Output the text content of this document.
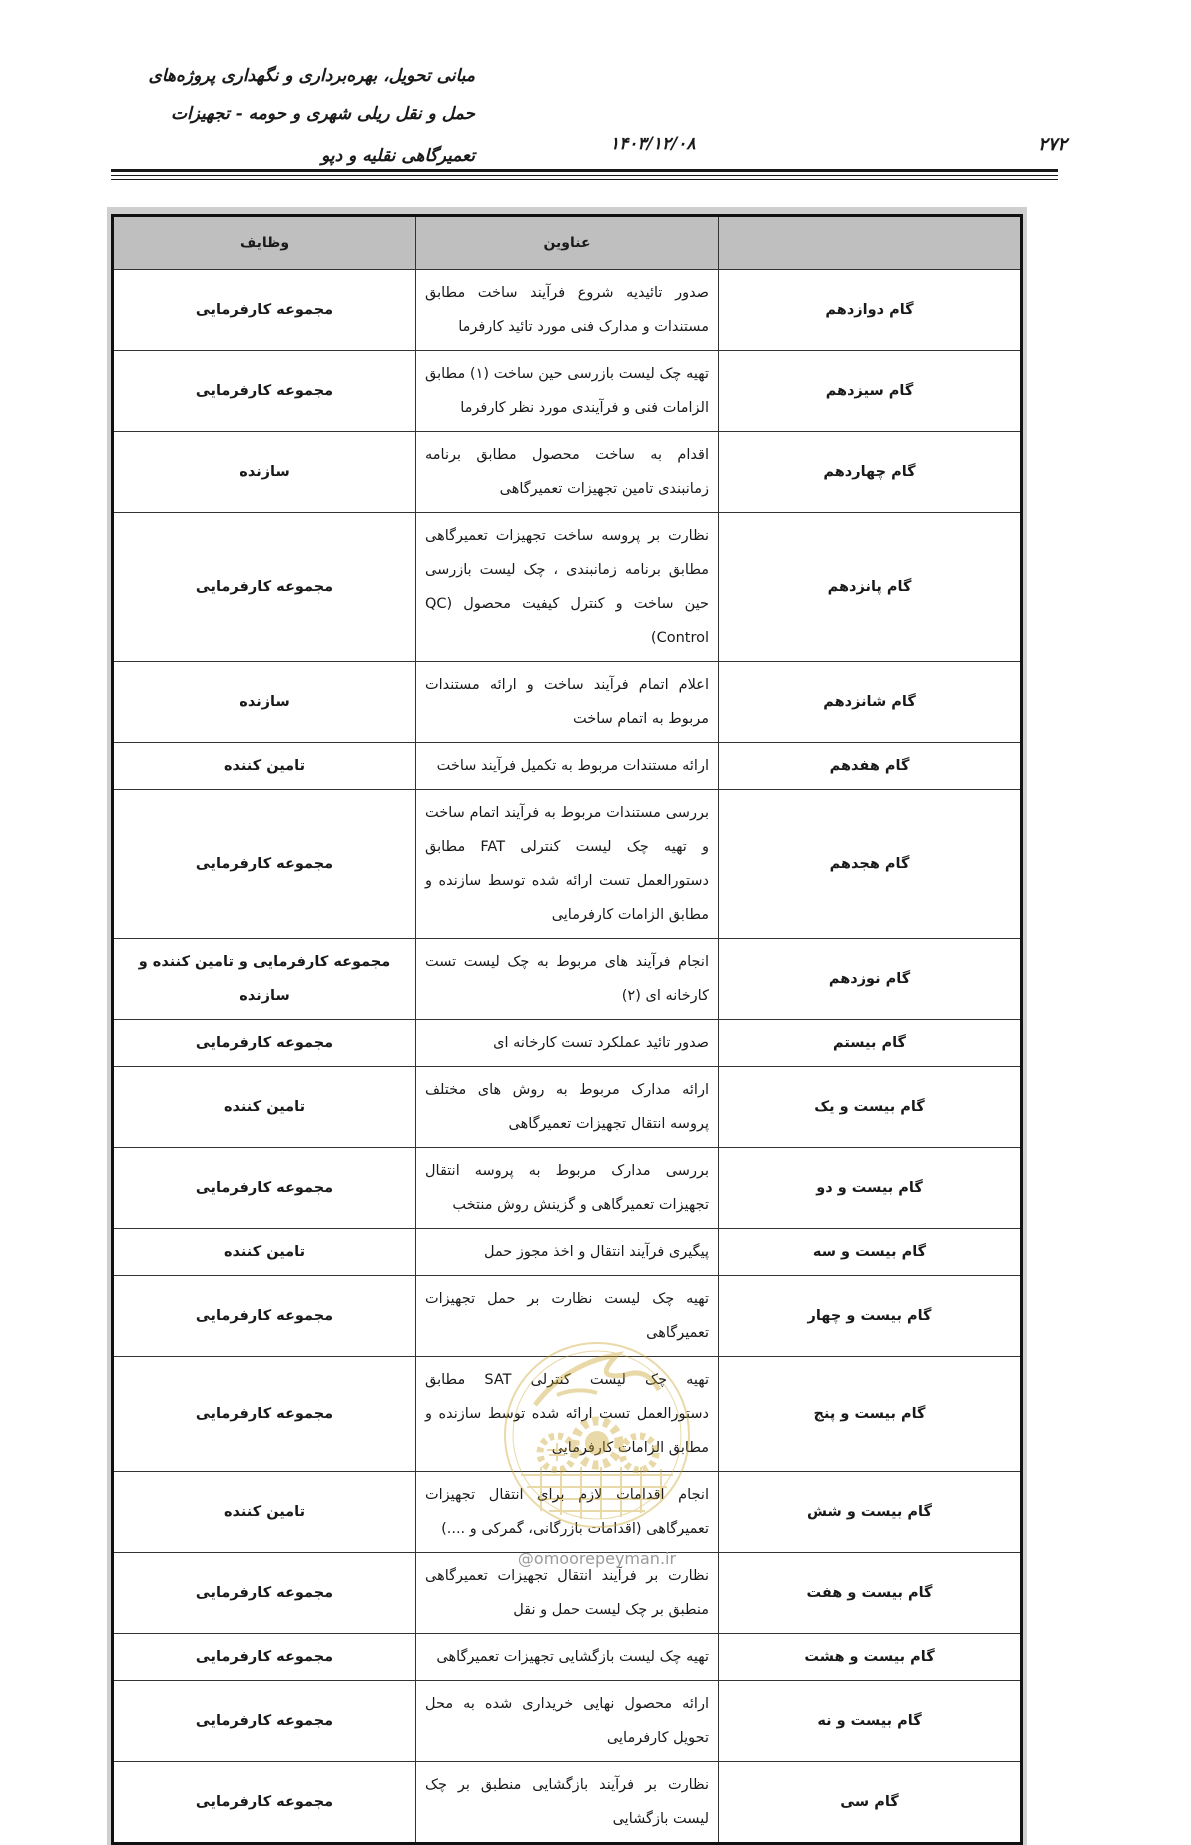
مبانی تحویل، بهره‌برداری و نگهداری پروژه‌های
حمل و نقل ریلی شهری و حومه - تجهیزات
تعمیرگاهی نقلیه و دپو
۱۴۰۳/۱۲/۰۸	۲۷۲
	عناوین	وظایف
گام دوازدهم	صدور تائیدیه شروع فرآیند ساخت مطابق مستندات و مدارک فنی مورد تائید کارفرما	مجموعه کارفرمایی
گام سیزدهم	تهیه چک لیست بازرسی حین ساخت (۱) مطابق الزامات فنی و فرآیندی مورد نظر کارفرما	مجموعه کارفرمایی
گام چهاردهم	اقدام به ساخت محصول مطابق برنامه زمانبندی تامین تجهیزات تعمیرگاهی	سازنده
گام پانزدهم	نظارت بر پروسه ساخت تجهیزات تعمیرگاهی مطابق برنامه زمانبندی ، چک لیست بازرسی حین ساخت و کنترل کیفیت محصول (QC Control)	مجموعه کارفرمایی
گام شانزدهم	اعلام اتمام فرآیند ساخت و ارائه مستندات مربوط به اتمام ساخت	سازنده
گام هفدهم	ارائه مستندات مربوط به تکمیل فرآیند ساخت	تامین کننده
گام هجدهم	بررسی مستندات مربوط به فرآیند اتمام ساخت و تهیه چک لیست کنترلی FAT مطابق دستورالعمل تست ارائه شده توسط سازنده و مطابق الزامات کارفرمایی	مجموعه کارفرمایی
گام نوزدهم	انجام فرآیند های مربوط به چک لیست تست کارخانه ای (۲)	مجموعه کارفرمایی و تامین کننده و سازنده
گام بیستم	صدور تائید عملکرد تست کارخانه ای	مجموعه کارفرمایی
گام بیست و یک	ارائه مدارک مربوط به روش های مختلف پروسه انتقال تجهیزات تعمیرگاهی	تامین کننده
گام بیست و دو	بررسی مدارک مربوط به پروسه انتقال تجهیزات تعمیرگاهی و گزینش روش منتخب	مجموعه کارفرمایی
گام بیست و سه	پیگیری فرآیند انتقال و اخذ مجوز حمل	تامین کننده
گام بیست و چهار	تهیه چک لیست نظارت بر حمل تجهیزات تعمیرگاهی	مجموعه کارفرمایی
گام بیست و پنج	تهیه چک لیست کنترلی SAT مطابق دستورالعمل تست ارائه شده توسط سازنده و مطابق الزامات کارفرمایی	مجموعه کارفرمایی
گام بیست و شش	انجام اقدامات لازم برای انتقال تجهیزات تعمیرگاهی (اقدامات بازرگانی، گمرکی و ....)	تامین کننده
گام بیست و هفت	نظارت بر فرآیند انتقال تجهیزات تعمیرگاهی منطبق بر چک لیست حمل و نقل	مجموعه کارفرمایی
گام بیست و هشت	تهیه چک لیست بازگشایی تجهیزات تعمیرگاهی	مجموعه کارفرمایی
گام بیست و نه	ارائه محصول نهایی خریداری شده به محل تحویل کارفرمایی	مجموعه کارفرمایی
گام سی	نظارت بر فرآیند بازگشایی منطبق بر چک لیست بازگشایی	مجموعه کارفرمایی
@omoorepeyman.ir
